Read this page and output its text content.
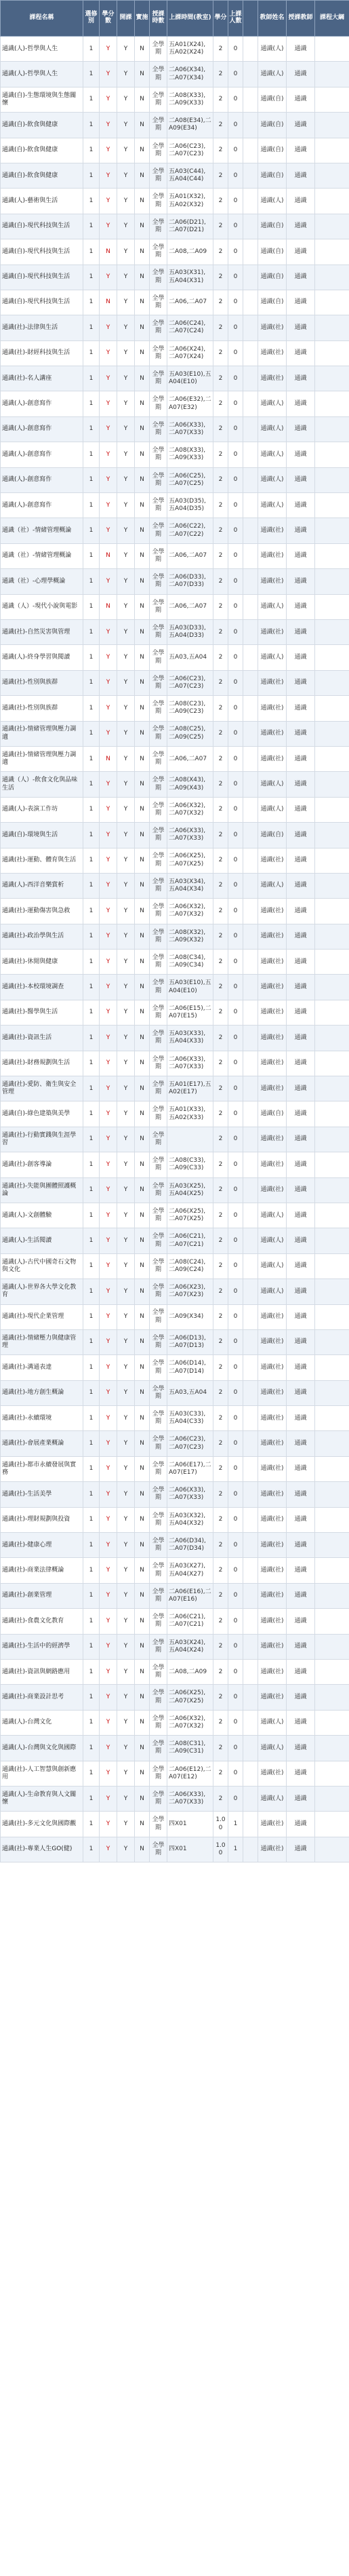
課程名稱	選修別	學分數	開課	實施	授課時數	上課時間(教室)	學分	上課人數		教師姓名	授課教師	課程大綱
通識(人)-哲學與人生	1	Y	Y	N	全學期	五A01(X24),五A02(X24)	2	0		通識(人)	通識	
通識(人)-哲學與人生	1	Y	Y	N	全學期	二A06(X34),二A07(X34)	2	0		通識(人)	通識	
通識(自)-生態環境與生態關懷	1	Y	Y	N	全學期	二A08(X33),二A09(X33)	2	0		通識(自)	通識	
通識(自)-飲食與健康	1	Y	Y	N	全學期	二A08(E34),二A09(E34)	2	0		通識(自)	通識	
通識(自)-飲食與健康	1	Y	Y	N	全學期	二A06(C23),二A07(C23)	2	0		通識(自)	通識	
通識(自)-飲食與健康	1	Y	Y	N	全學期	五A03(C44),五A04(C44)	2	0		通識(自)	通識	
通識(人)-藝術與生活	1	Y	Y	N	全學期	五A01(X32),五A02(X32)	2	0		通識(人)	通識	
通識(自)-現代科技與生活	1	Y	Y	N	全學期	二A06(D21),二A07(D21)	2	0		通識(自)	通識	
通識(自)-現代科技與生活	1	N	Y	N	全學期	二A08,二A09	2	0		通識(自)	通識	
通識(自)-現代科技與生活	1	Y	Y	N	全學期	五A03(X31),五A04(X31)	2	0		通識(自)	通識	
通識(自)-現代科技與生活	1	N	Y	N	全學期	二A06,二A07	2	0		通識(自)	通識	
通識(社)-法律與生活	1	Y	Y	N	全學期	二A06(C24),二A07(C24)	2	0		通識(社)	通識	
通識(社)-財經科技與生活	1	Y	Y	N	全學期	二A06(X24),二A07(X24)	2	0		通識(社)	通識	
通識(社)-名人講座	1	Y	Y	N	全學期	五A03(E10),五A04(E10)	2	0		通識(社)	通識	
通識(人)-創意寫作	1	Y	Y	N	全學期	二A06(E32),二A07(E32)	2	0		通識(人)	通識	
通識(人)-創意寫作	1	Y	Y	N	全學期	二A06(X33),二A07(X33)	2	0		通識(人)	通識	
通識(人)-創意寫作	1	Y	Y	N	全學期	二A08(X33),二A09(X33)	2	0		通識(人)	通識	
通識(人)-創意寫作	1	Y	Y	N	全學期	二A06(C25),二A07(C25)	2	0		通識(人)	通識	
通識(人)-創意寫作	1	Y	Y	N	全學期	五A03(D35),五A04(D35)	2	0		通識(人)	通識	
通識（社）-情緒管理概論	1	Y	Y	N	全學期	二A06(C22),二A07(C22)	2	0		通識(社)	通識	
通識（社）-情緒管理概論	1	N	Y	N	全學期	二A06,二A07	2	0		通識(社)	通識	
通識（社）-心理學概論	1	Y	Y	N	全學期	二A06(D33),二A07(D33)	2	0		通識(社)	通識	
通識（人）-現代小說與電影	1	N	Y	N	全學期	二A06,二A07	2	0		通識(人)	通識	
通識(社)-自然災害與管理	1	Y	Y	N	全學期	五A03(D33),五A04(D33)	2	0		通識(社)	通識	
通識(人)-終身學習與閱讀	1	Y	Y	N	全學期	五A03,五A04	2	0		通識(人)	通識	
通識(社)-性別與族群	1	Y	Y	N	全學期	二A06(C23),二A07(C23)	2	0		通識(社)	通識	
通識(社)-性別與族群	1	Y	Y	N	全學期	二A08(C23),二A09(C23)	2	0		通識(社)	通識	
通識(社)-情緒管理與壓力調適	1	Y	Y	N	全學期	二A08(C25),二A09(C25)	2	0		通識(社)	通識	
通識(社)-情緒管理與壓力調適	1	N	Y	N	全學期	二A06,二A07	2	0		通識(社)	通識	
通識（人）-飲食文化與品味生活	1	Y	Y	N	全學期	二A08(X43),二A09(X43)	2	0		通識(人)	通識	
通識(人)-表演工作坊	1	Y	Y	N	全學期	二A06(X32),二A07(X32)	2	0		通識(人)	通識	
通識(自)-環境與生活	1	Y	Y	N	全學期	二A06(X33),二A07(X33)	2	0		通識(自)	通識	
通識(社)-運動、體育與生活	1	Y	Y	N	全學期	二A06(X25),二A07(X25)	2	0		通識(社)	通識	
通識(人)-西洋音樂賞析	1	Y	Y	N	全學期	五A03(X34),五A04(X34)	2	0		通識(人)	通識	
通識(社)-運動傷害與急救	1	Y	Y	N	全學期	二A06(X32),二A07(X32)	2	0		通識(社)	通識	
通識(社)-政治學與生活	1	Y	Y	N	全學期	二A08(X32),二A09(X32)	2	0		通識(社)	通識	
通識(社)-休閒與健康	1	Y	Y	N	全學期	二A08(C34),二A09(C34)	2	0		通識(社)	通識	
通識(社)-本校環境調查	1	Y	Y	N	全學期	五A03(E10),五A04(E10)	2	0		通識(社)	通識	
通識(社)-醫學與生活	1	Y	Y	N	全學期	二A06(E15),二A07(E15)	2	0		通識(社)	通識	
通識(社)-資訊生活	1	Y	Y	N	全學期	五A03(X33),五A04(X33)	2	0		通識(社)	通識	
通識(社)-財務規劃與生活	1	Y	Y	N	全學期	二A06(X33),二A07(X33)	2	0		通識(社)	通識	
通識(社)-愛防、衛生與安全管理	1	Y	Y	N	全學期	五A01(E17),五A02(E17)	2	0		通識(社)	通識	
通識(自)-綠色建築與美學	1	Y	Y	N	全學期	五A01(X33),五A02(X33)	2	0		通識(自)	通識	
通識(社)-行動實踐與生涯學習	1	Y	Y	N	全學期		2	0		通識(社)	通識	
通識(社)-創客導論	1	Y	Y	N	全學期	二A08(C33),二A09(C33)	2	0		通識(社)	通識	
通識(社)-失能與團體照護概論	1	Y	Y	N	全學期	五A03(X25),五A04(X25)	2	0		通識(社)	通識	
通識(人)-文創體驗	1	Y	Y	N	全學期	二A06(X25),二A07(X25)	2	0		通識(人)	通識	
通識(人)-生活閱讀	1	Y	Y	N	全學期	二A06(C21),二A07(C21)	2	0		通識(人)	通識	
通識(人)-古代中國奇石文物與文化	1	Y	Y	N	全學期	二A08(C24),二A09(C24)	2	0		通識(人)	通識	
通識(人)-世界各大學文化教育	1	Y	Y	N	全學期	二A06(X23),二A07(X23)	2	0		通識(人)	通識	
通識(社)-現代企業管理	1	Y	Y	N	全學期	二A09(X34)	2	0		通識(社)	通識	
通識(社)-情緒壓力與健康管理	1	Y	Y	N	全學期	二A06(D13),二A07(D13)	2	0		通識(社)	通識	
通識(社)-溝通表達	1	Y	Y	N	全學期	二A06(D14),二A07(D14)	2	0		通識(社)	通識	
通識(社)-地方創生概論	1	Y	Y	N	全學期	五A03,五A04	2	0		通識(社)	通識	
通識(社)-永續環境	1	Y	Y	N	全學期	五A03(C33),五A04(C33)	2	0		通識(社)	通識	
通識(社)-會展產業概論	1	Y	Y	N	全學期	二A06(C23),二A07(C23)	2	0		通識(社)	通識	
通識(社)-都市永續發展與實務	1	Y	Y	N	全學期	二A06(E17),二A07(E17)	2	0		通識(社)	通識	
通識(社)-生活美學	1	Y	Y	N	全學期	二A06(X33),二A07(X33)	2	0		通識(社)	通識	
通識(社)-理財規劃與投資	1	Y	Y	N	全學期	五A03(X32),五A04(X32)	2	0		通識(社)	通識	
通識(社)-健康心理	1	Y	Y	N	全學期	二A06(D34),二A07(D34)	2	0		通識(社)	通識	
通識(社)-商業法律概論	1	Y	Y	N	全學期	五A03(X27),五A04(X27)	2	0		通識(社)	通識	
通識(社)-創業管理	1	Y	Y	N	全學期	二A06(E16),二A07(E16)	2	0		通識(社)	通識	
通識(社)-食農文化教育	1	Y	Y	N	全學期	二A06(C21),二A07(C21)	2	0		通識(社)	通識	
通識(社)-生活中的經濟學	1	Y	Y	N	全學期	五A03(X24),五A04(X24)	2	0		通識(社)	通識	
通識(社)-資訊與網路應用	1	Y	Y	N	全學期	二A08,二A09	2	0		通識(社)	通識	
通識(社)-商業設計思考	1	Y	Y	N	全學期	二A06(X25),二A07(X25)	2	0		通識(社)	通識	
通識(人)-台灣文化	1	Y	Y	N	全學期	二A06(X32),二A07(X32)	2	0		通識(人)	通識	
通識(人)-台灣與文化與國際	1	Y	Y	N	全學期	二A08(C31),二A09(C31)	2	0		通識(人)	通識	
通識(社)-人工智慧與創新應用	1	Y	Y	N	全學期	二A06(E12),二A07(E12)	2	0		通識(社)	通識	
通識(人)-生命教育與人文關懷	1	Y	Y	N	全學期	二A06(X33),二A07(X33)	2	0		通識(人)	通識	
通識(社)-多元文化與國際觀	1	Y	Y	N	全學期	四X01	1.00	1		通識(社)	通識	
通識(社)-專業人生GO(健)	1	Y	Y	N	全學期	四X01	1.00	1		通識(社)	通識	
